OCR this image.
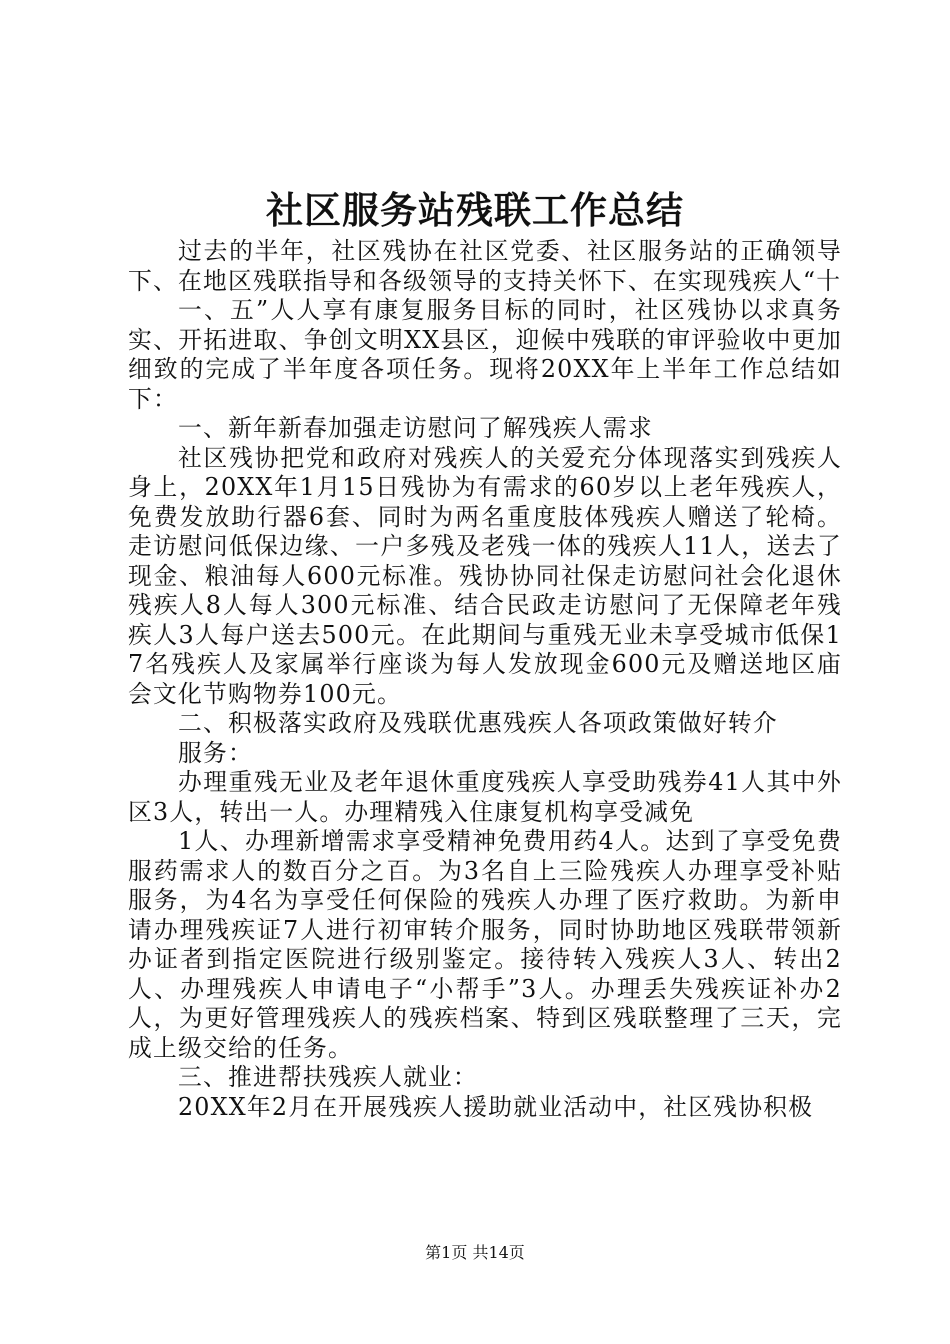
社区服务站残联工作总结

过去的半年，社区残协在社区党委、社区服务站的正确领导下、在地区残联指导和各级领导的支持关怀下、在实现残疾人“十

一、五”人人享有康复服务目标的同时，社区残协以求真务实、开拓进取、争创文明XX县区，迎候中残联的审评验收中更加细致的完成了半年度各项任务。现将20XX年上半年工作总结如下：

一、新年新春加强走访慰问了解残疾人需求

社区残协把党和政府对残疾人的关爱充分体现落实到残疾人身上，20XX年1月15日残协为有需求的60岁以上老年残疾人，免费发放助行器6套、同时为两名重度肢体残疾人赠送了轮椅。走访慰问低保边缘、一户多残及老残一体的残疾人11人，送去了现金、粮油每人600元标准。残协协同社保走访慰问社会化退休残疾人8人每人300元标准、结合民政走访慰问了无保障老年残疾人3人每户送去500元。在此期间与重残无业未享受城市低保17名残疾人及家属举行座谈为每人发放现金600元及赠送地区庙会文化节购物券100元。

二、积极落实政府及残联优惠残疾人各项政策做好转介

服务：

办理重残无业及老年退休重度残疾人享受助残券41人其中外区3人，转出一人。办理精残入住康复机构享受减免

1人、办理新增需求享受精神免费用药4人。达到了享受免费服药需求人的数百分之百。为3名自上三险残疾人办理享受补贴服务，为4名为享受任何保险的残疾人办理了医疗救助。为新申请办理残疾证7人进行初审转介服务，同时协助地区残联带领新办证者到指定医院进行级别鉴定。接待转入残疾人3人、转出2人、办理残疾人申请电子“小帮手”3人。办理丢失残疾证补办2人，为更好管理残疾人的残疾档案、特到区残联整理了三天，完成上级交给的任务。

三、推进帮扶残疾人就业：

20XX年2月在开展残疾人援助就业活动中，社区残协积极

第1页 共14页
